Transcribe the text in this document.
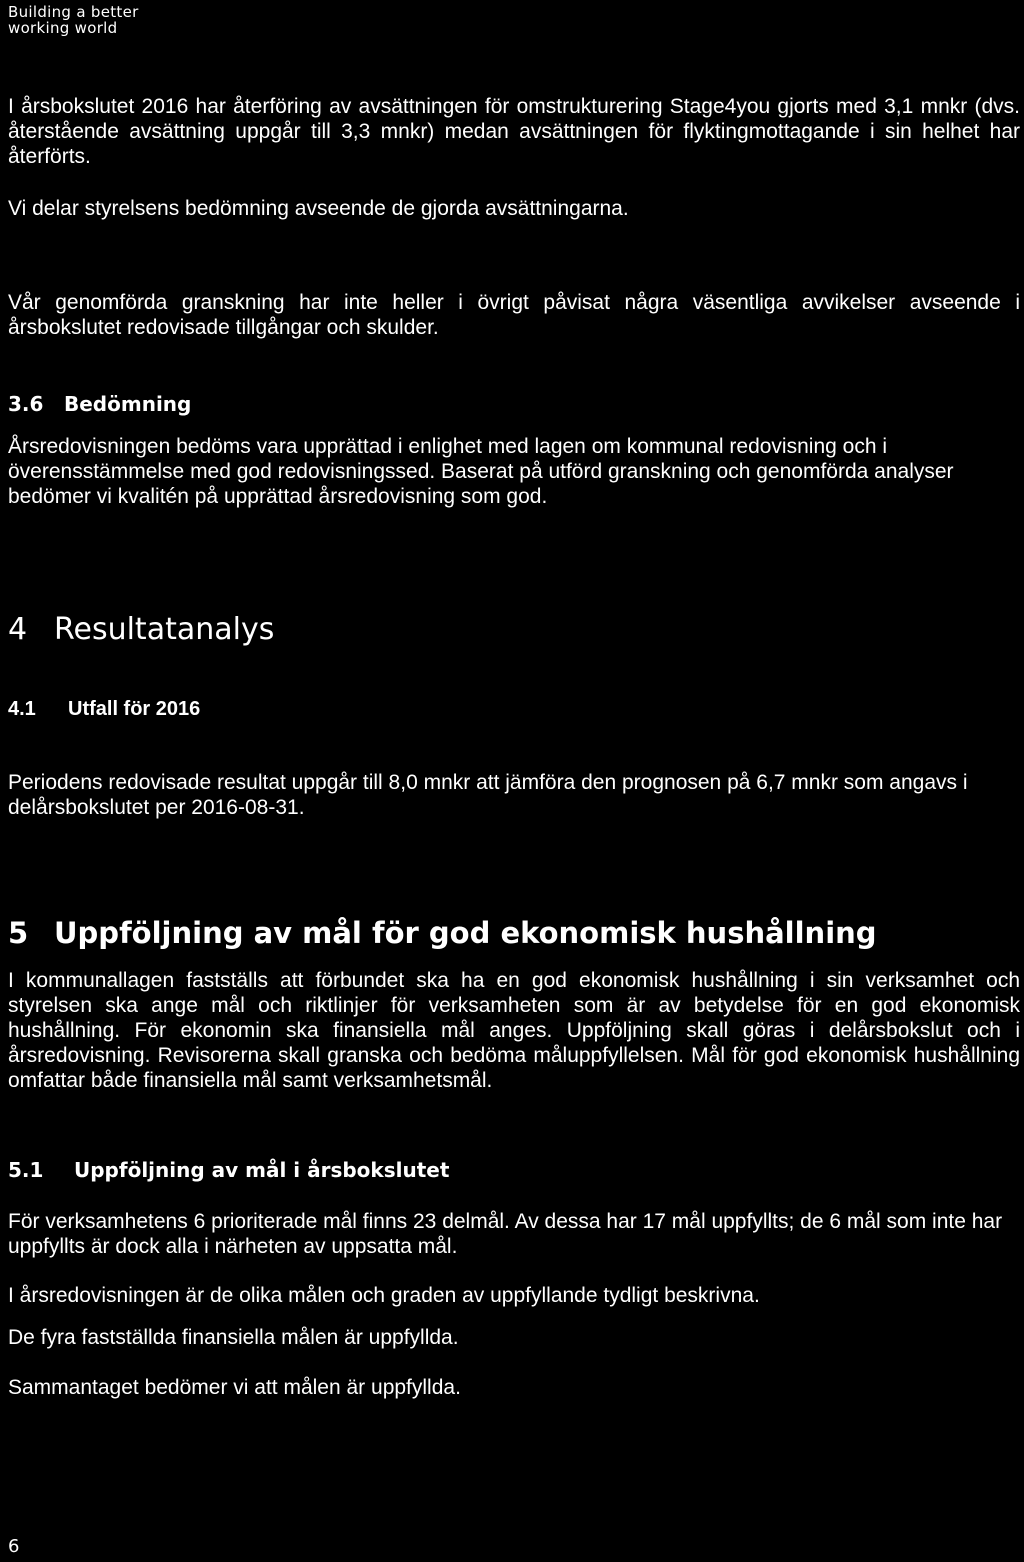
Building a better
working world

I årsbokslutet 2016 har återföring av avsättningen för omstrukturering Stage4you gjorts med 3,1 mnkr (dvs. återstående avsättning uppgår till 3,3 mnkr) medan avsättningen för flyktingmottagande i sin helhet har återförts.

Vi delar styrelsens bedömning avseende de gjorda avsättningarna.

Vår genomförda granskning har inte heller i övrigt påvisat några väsentliga avvikelser avseende i årsbokslutet redovisade tillgångar och skulder.

3.6 Bedömning

Årsredovisningen bedöms vara upprättad i enlighet med lagen om kommunal redovisning och i överensstämmelse med god redovisningssed. Baserat på utförd granskning och genomförda analyser bedömer vi kvalitén på upprättad årsredovisning som god.

4 Resultatanalys
4.1 Utfall för 2016

Periodens redovisade resultat uppgår till 8,0 mnkr att jämföra den prognosen på 6,7 mnkr som angavs i delårsbokslutet per 2016-08-31.

5 Uppföljning av mål för god ekonomisk hushållning

I kommunallagen fastställs att förbundet ska ha en god ekonomisk hushållning i sin verksamhet och styrelsen ska ange mål och riktlinjer för verksamheten som är av betydelse för en god ekonomisk hushållning. För ekonomin ska finansiella mål anges. Uppföljning skall göras i delårsbokslut och i årsredovisning. Revisorerna skall granska och bedöma måluppfyllelsen. Mål för god ekonomisk hushållning omfattar både finansiella mål samt verksamhetsmål.

5.1 Uppföljning av mål i årsbokslutet

För verksamhetens 6 prioriterade mål finns 23 delmål. Av dessa har 17 mål uppfyllts; de 6 mål som inte har uppfyllts är dock alla i närheten av uppsatta mål.

I årsredovisningen är de olika målen och graden av uppfyllande tydligt beskrivna.

De fyra fastställda finansiella målen är uppfyllda.

Sammantaget bedömer vi att målen är uppfyllda.

6
